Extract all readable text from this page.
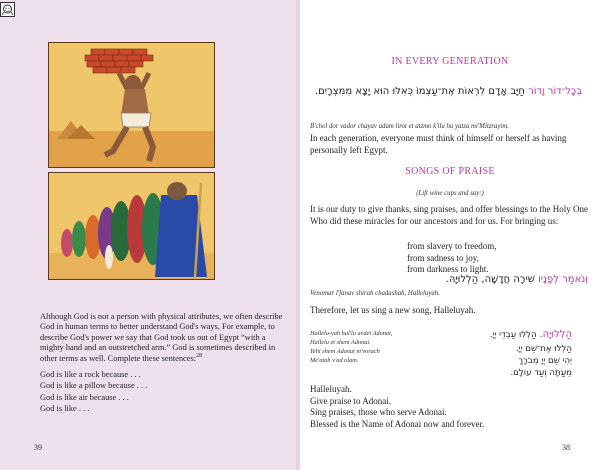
Although God is not a person with physical attributes, we often describe God in human terms to better understand God's ways. For example, to describe God's power we say that God took us out of Egypt “with a mighty hand and an outstretched arm.” God is sometimes described in other terms as well. Complete these sentences:$^{28}$

God is like a rock because . . .
God is like a pillow because . . .
God is like air because . . .
God is like . . .
39
IN EVERY GENERATION
בְּכָל־דּוֹר וָדוֹר חַיָּב אָדָם לִרְאוֹת אֶת־עַצְמוֹ כְּאִלּוּ הוּא יָצָא מִמִּצְרָיִם.
B'chol dor vador chayav adam lirot et atzmo k'ilu hu yatza mi'Mitzrayim.
In each generation, everyone must think of himself or herself as having personally left Egypt.
SONGS OF PRAISE
(Lift wine cups and say:)
It is our duty to give thanks, sing praises, and offer blessings to the Holy One Who did these miracles for our ancestors and for us. For bringing us:
from slavery to freedom,
from sadness to joy,
from darkness to light.
וְנֹאמַר לְפָנָיו שִׁירָה חֲדָשָׁה, הַלְלוּיָהּ.
Venomar l'fanav shirah chadashah, Halleluyah.
Therefore, let us sing a new song, Halleluyah.
Hallelu-yah hal'lu avdei Adonai,
Hallelu et shem Adonai.
Yehi shem Adonai m'vorach
Me'atah v'ad olam.
הַלְלוּיָהּ. הַלְלוּ עַבְדֵי יְיָ.
הַלְלוּ אֶת־שֵׁם יְיָ.
יְהִי שֵׁם יְיָ מְבֹרָךְ
מֵעַתָּה וְעַד עוֹלָם.
Halleluyah.
Give praise to Adonai.
Sing praises, those who serve Adonai.
Blessed is the Name of Adonai now and forever.
38
